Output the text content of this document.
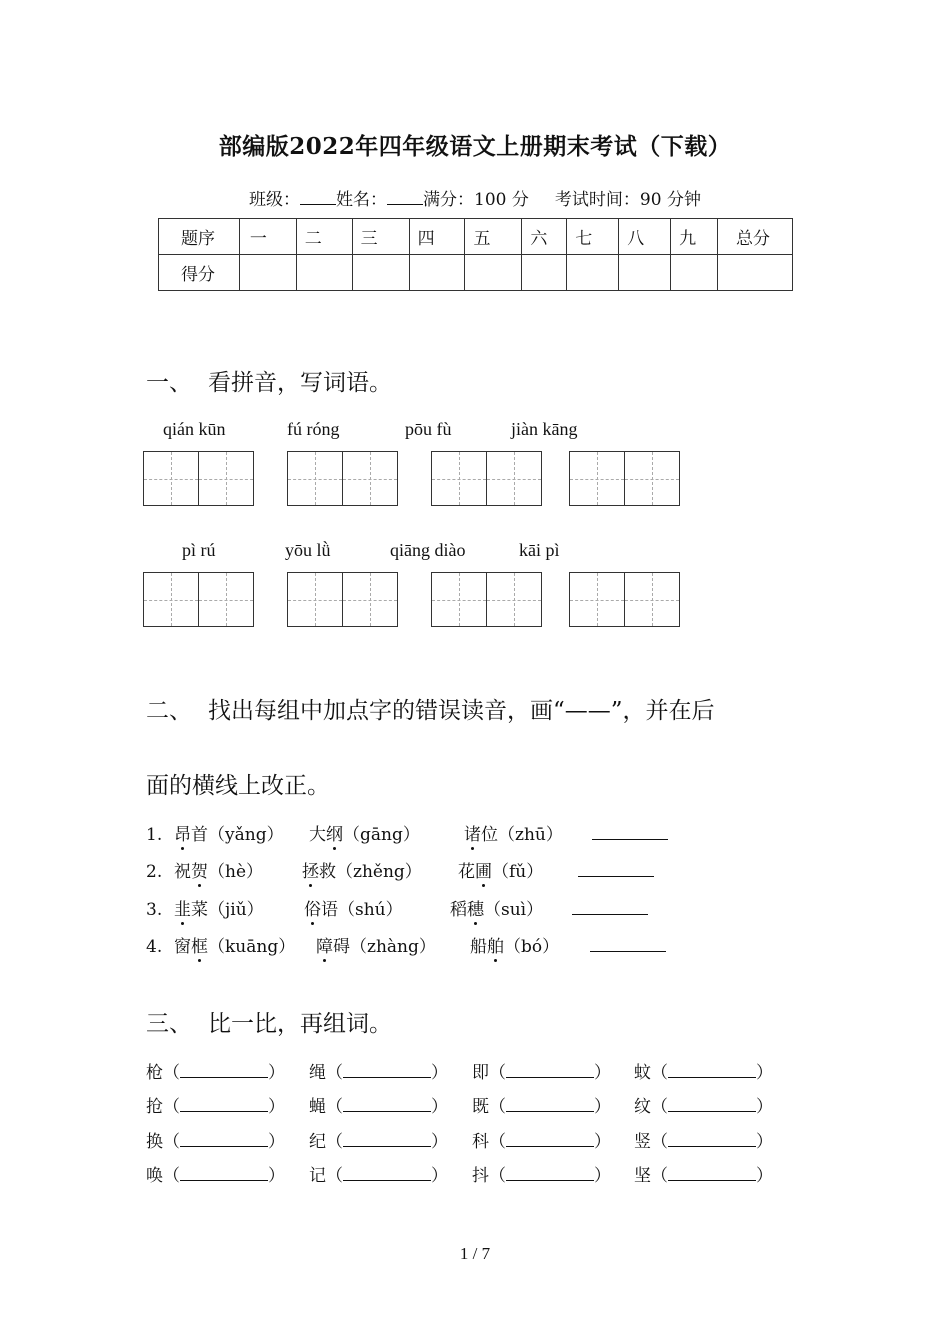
部编版2022年四年级语文上册期末考试（下载）
班级： 姓名： 满分：100 分 考试时间：90 分钟
题序	一	二	三	四	五	六	七	八	九	总分
得分										
一、 看拼音，写词语。
qián kūn	fú róng	pōu fù	jiàn kāng
pì rú	yōu lǜ	qiāng diào	kāi pì
二、 找出每组中加点字的错误读音，画“——”，并在后
面的横线上改正。
1. 昂首（yǎng） 大纲（gāng）	诸位（zhū）
2. 祝贺（hè） 拯救（zhěng） 花圃（fǔ）
3. 韭菜（jiǔ） 俗语（shú）	稻穗（suì）
4. 窗框（kuāng） 障碍（zhàng） 船舶（bó）
三、 比一比，再组词。
枪（	） 绳（	） 即（	） 蚊（	）
抢（	） 蝇（	） 既（	） 纹（	）
换（	） 纪（	） 科（	） 竖（	）
唤（	） 记（	） 抖（	） 坚（	）
1 / 7
